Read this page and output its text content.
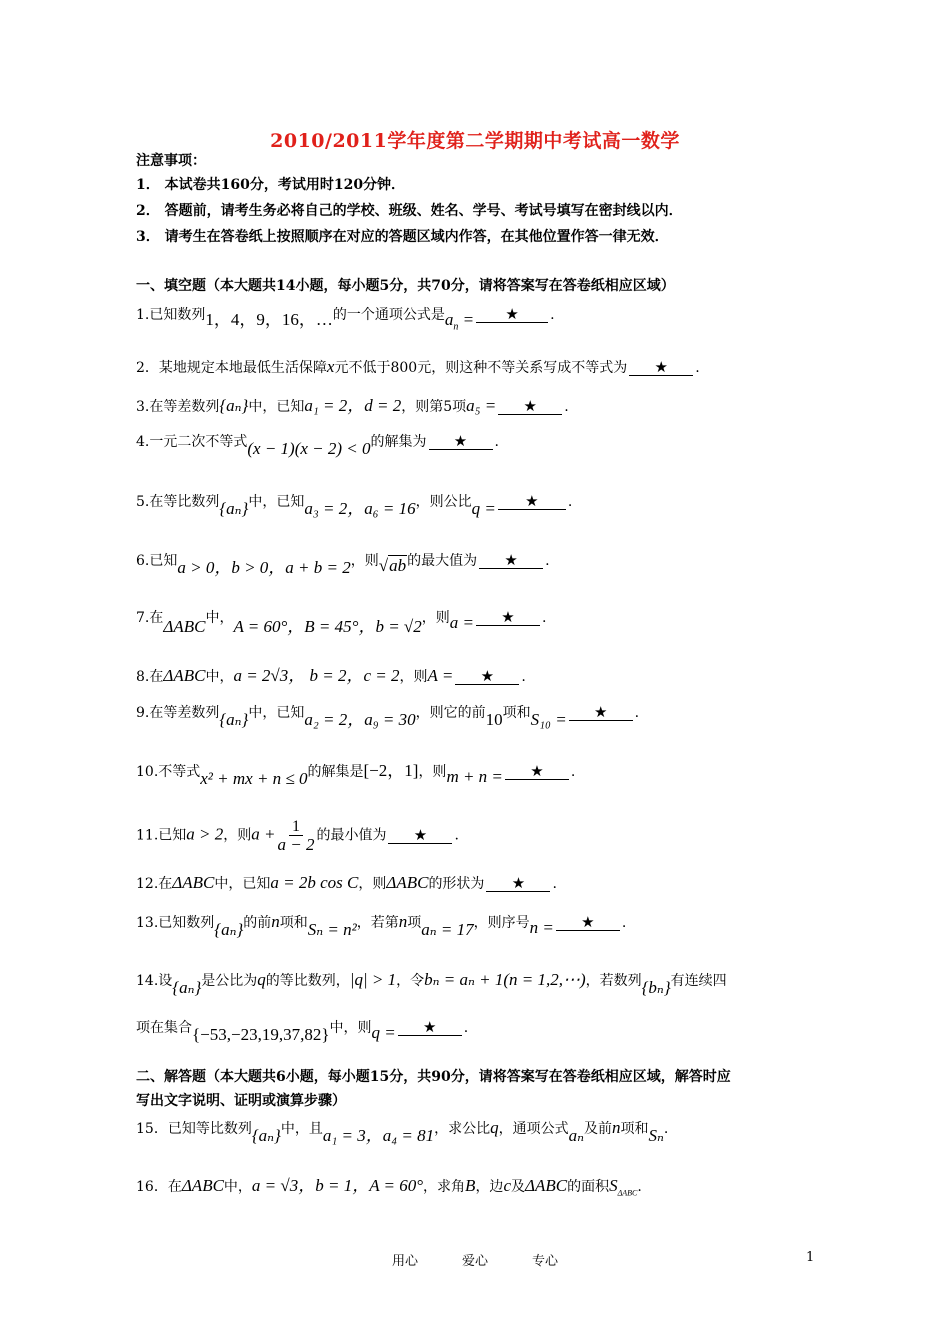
2010/2011学年度第二学期期中考试高一数学
注意事项：
1． 本试卷共160分，考试用时120分钟．
2． 答题前，请考生务必将自己的学校、班级、姓名、学号、考试号填写在密封线以内．
3． 请考生在答卷纸上按照顺序在对应的答题区域内作答，在其他位置作答一律无效．
一、填空题（本大题共14小题，每小题5分，共70分，请将答案写在答卷纸相应区域）
1.已知数列1，4，9，16，…的一个通项公式是$a_n$ = ★ .
2．某地规定本地最低生活保障x元不低于800元，则这种不等关系写成不等式为 ★ .
3.在等差数列{aₙ}中，已知a₁ = 2，d = 2，则第5项a₅ = ★ .
4.一元二次不等式(x − 1)(x − 2) < 0的解集为 ★ .
5.在等比数列{aₙ}中，已知a₃ = 2，a₆ = 16，则公比q = ★ .
6.已知a > 0，b > 0，a + b = 2，则√ab的最大值为 ★ .
7.在ΔABC中，A = 60°，B = 45°，b = √2，则a = ★ .
8.在ΔABC中，a = 2√3， b = 2，c = 2，则A = ★ .
9.在等差数列{aₙ}中，已知a₂ = 2，a₉ = 30，则它的前10项和S₁₀ = ★ .
10.不等式x² + mx + n ≤ 0的解集是[−2，1]，则m + n = ★ .
11.已知a > 2，则$a + \frac{1}{a - 2}$ 的最小值为 ★ .
12.在ΔABC中，已知a = 2b cos C，则ΔABC的形状为 ★ .
13.已知数列{aₙ}的前n项和Sₙ = n²，若第n项aₙ = 17，则序号n = ★ .
14.设{aₙ}是公比为q的等比数列，|q| > 1，令bₙ = aₙ + 1(n = 1,2,⋯)，若数列{bₙ}有连续四
项在集合{−53,−23,19,37,82}中，则q = ★ .
二、解答题（本大题共6小题，每小题15分，共90分，请将答案写在答卷纸相应区域，解答时应
写出文字说明、证明或演算步骤）
15．已知等比数列{aₙ}中，且a₁ = 3，a₄ = 81，求公比q，通项公式aₙ及前n项和Sₙ.
16．在ΔABC中，a = √3，b = 1，A = 60°，求角B，边c及ΔABC的面积$S_{\Delta ABC}$.
用心	爱心	专心	1
